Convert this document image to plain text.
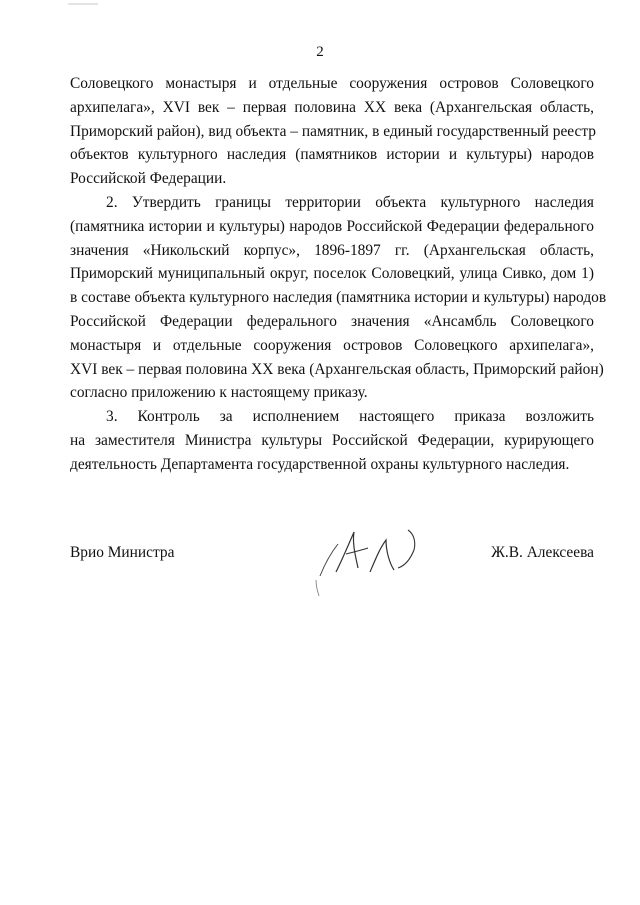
2
Соловецкого монастыря и отдельные сооружения островов Соловецкого
архипелага», XVI век – первая половина XX века (Архангельская область,
Приморский район), вид объекта – памятник, в единый государственный реестр
объектов культурного наследия (памятников истории и культуры) народов
Российской Федерации.
2. Утвердить границы территории объекта культурного наследия
(памятника истории и культуры) народов Российской Федерации федерального
значения «Никольский корпус», 1896-1897 гг. (Архангельская область,
Приморский муниципальный округ, поселок Соловецкий, улица Сивко, дом 1)
в составе объекта культурного наследия (памятника истории и культуры) народов
Российской Федерации федерального значения «Ансамбль Соловецкого
монастыря и отдельные сооружения островов Соловецкого архипелага»,
XVI век – первая половина XX века (Архангельская область, Приморский район)
согласно приложению к настоящему приказу.
3. Контроль за исполнением настоящего приказа возложить
на заместителя Министра культуры Российской Федерации, курирующего
деятельность Департамента государственной охраны культурного наследия.
Врио Министра	Ж.В. Алексеева
